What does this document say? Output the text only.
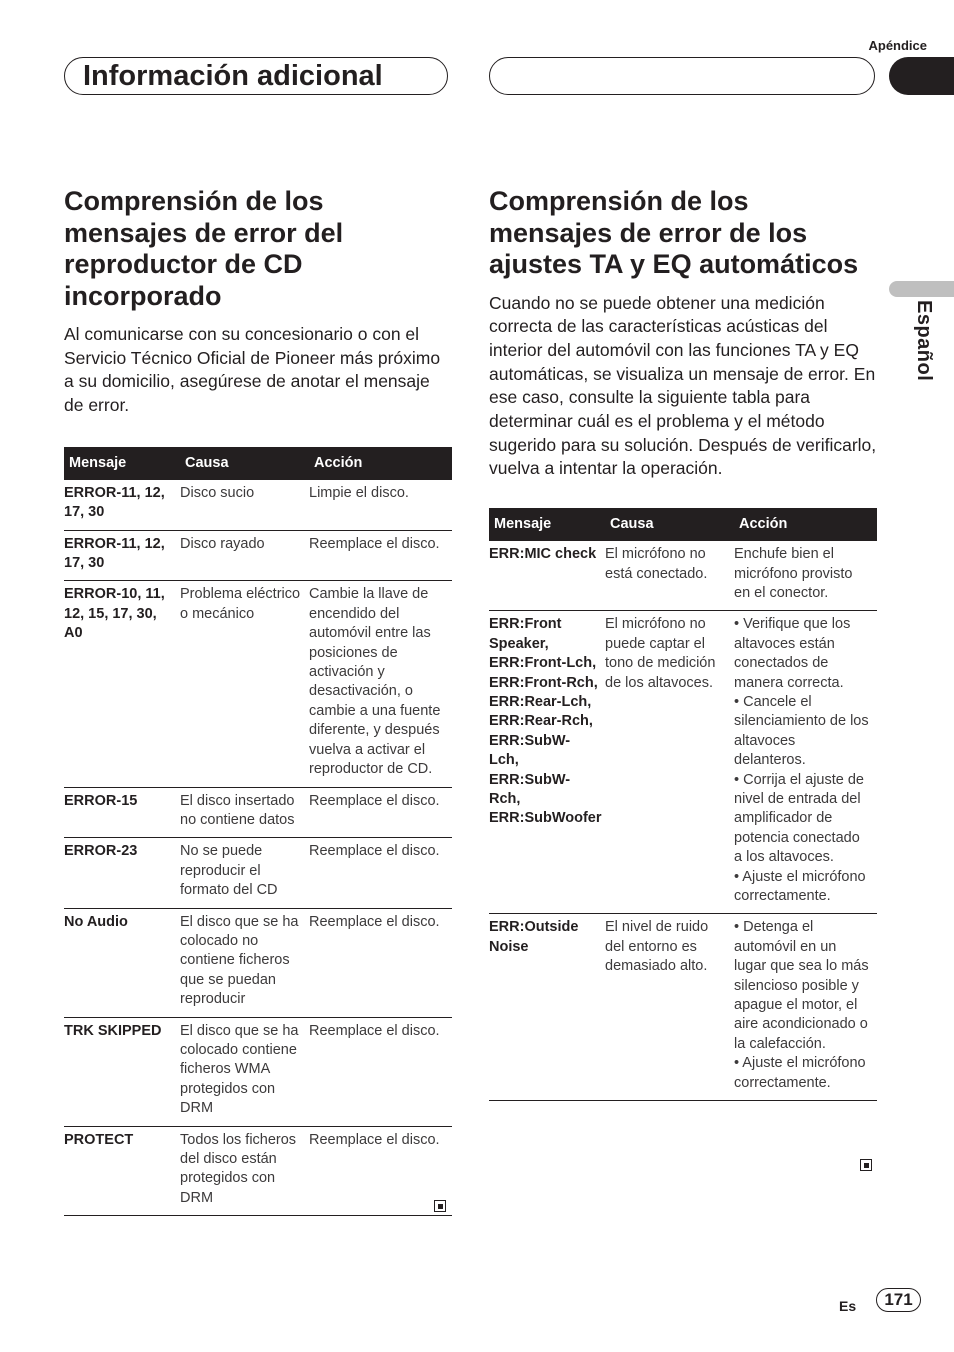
Apéndice
Información adicional
Español
Comprensión de los mensajes de error del reproductor de CD incorporado

Al comunicarse con su concesionario o con el Servicio Técnico Oficial de Pioneer más próximo a su domicilio, asegúrese de anotar el mensaje de error.

Mensaje	Causa	Acción
ERROR-11, 12, 17, 30	Disco sucio	Limpie el disco.
ERROR-11, 12, 17, 30	Disco rayado	Reemplace el disco.
ERROR-10, 11, 12, 15, 17, 30, A0	Problema eléctrico o mecánico	Cambie la llave de encendido del automóvil entre las posiciones de activación y desactivación, o cambie a una fuente diferente, y después vuelva a activar el reproductor de CD.
ERROR-15	El disco insertado no contiene datos	Reemplace el disco.
ERROR-23	No se puede reproducir el formato del CD	Reemplace el disco.
No Audio	El disco que se ha colocado no contiene ficheros que se puedan reproducir	Reemplace el disco.
TRK SKIPPED	El disco que se ha colocado contiene ficheros WMA protegidos con DRM	Reemplace el disco.
PROTECT	Todos los ficheros del disco están protegidos con DRM	Reemplace el disco.
Comprensión de los mensajes de error de los ajustes TA y EQ automáticos

Cuando no se puede obtener una medición correcta de las características acústicas del interior del automóvil con las funciones TA y EQ automáticas, se visualiza un mensaje de error. En ese caso, consulte la siguiente tabla para determinar cuál es el problema y el método sugerido para su solución. Después de verificarlo, vuelva a intentar la operación.

Mensaje	Causa	Acción
ERR:MIC check	El micrófono no está conectado.	Enchufe bien el micrófono provisto en el conector.
ERR:Front Speaker, ERR:Front-Lch, ERR:Front-Rch, ERR:Rear-Lch, ERR:Rear-Rch, ERR:SubW-Lch, ERR:SubW-Rch, ERR:SubWoofer	El micrófono no puede captar el tono de medición de los altavoces.	• Verifique que los altavoces están conectados de manera correcta.
• Cancele el silenciamiento de los altavoces delanteros.
• Corrija el ajuste de nivel de entrada del amplificador de potencia conectado a los altavoces.
• Ajuste el micrófono correctamente.
ERR:Outside Noise	El nivel de ruido del entorno es demasiado alto.	• Detenga el automóvil en un lugar que sea lo más silencioso posible y apague el motor, el aire acondicionado o la calefacción.
• Ajuste el micrófono correctamente.
Es	171
